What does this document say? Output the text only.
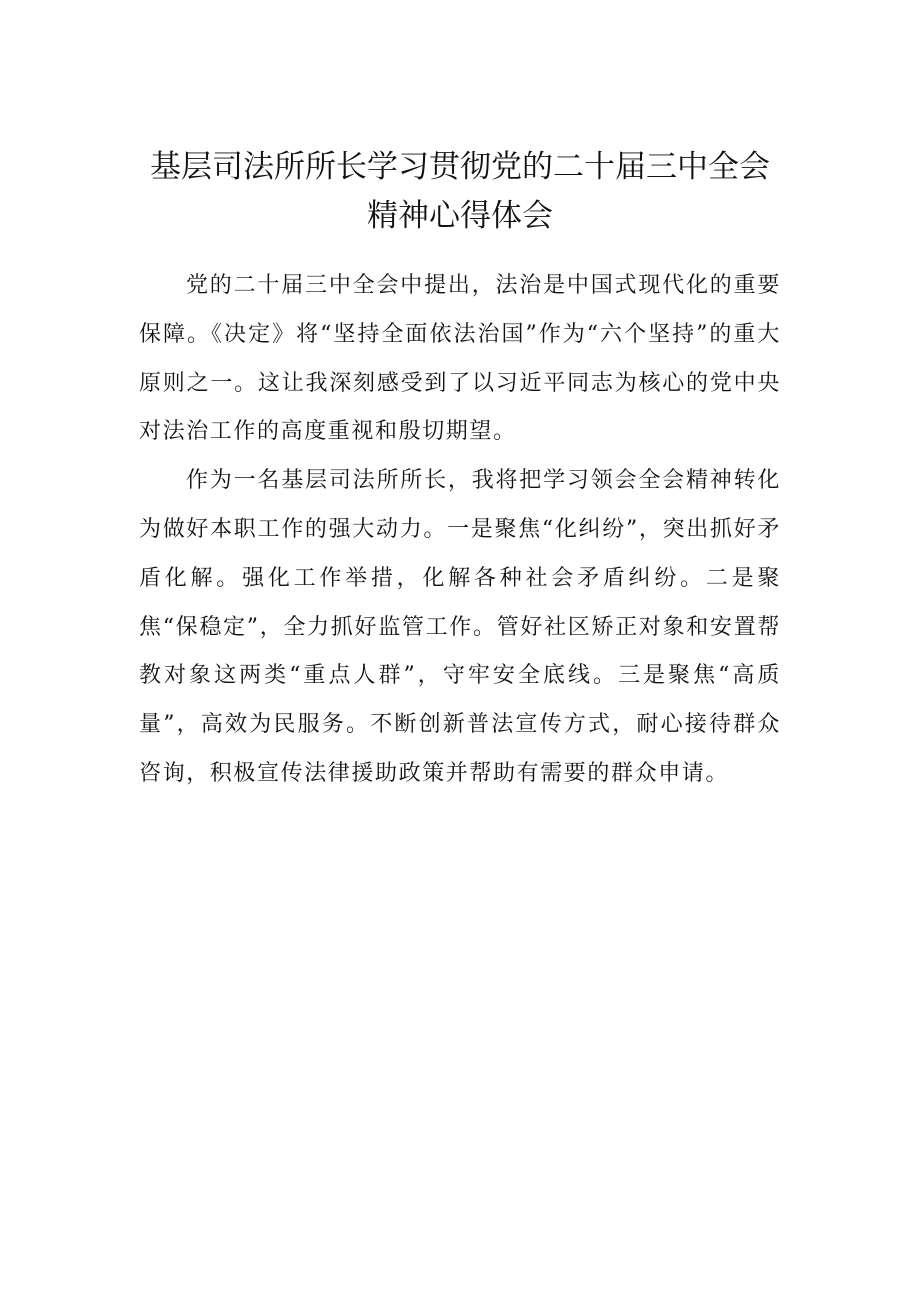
基层司法所所长学习贯彻党的二十届三中全会
精神心得体会

党的二十届三中全会中提出，法治是中国式现代化的重要保障。《决定》将“坚持全面依法治国”作为“六个坚持”的重大原则之一。这让我深刻感受到了以习近平同志为核心的党中央对法治工作的高度重视和殷切期望。

作为一名基层司法所所长，我将把学习领会全会精神转化为做好本职工作的强大动力。一是聚焦“化纠纷”，突出抓好矛盾化解。强化工作举措，化解各种社会矛盾纠纷。二是聚焦“保稳定”，全力抓好监管工作。管好社区矫正对象和安置帮教对象这两类“重点人群”，守牢安全底线。三是聚焦“高质量”，高效为民服务。不断创新普法宣传方式，耐心接待群众咨询，积极宣传法律援助政策并帮助有需要的群众申请。
